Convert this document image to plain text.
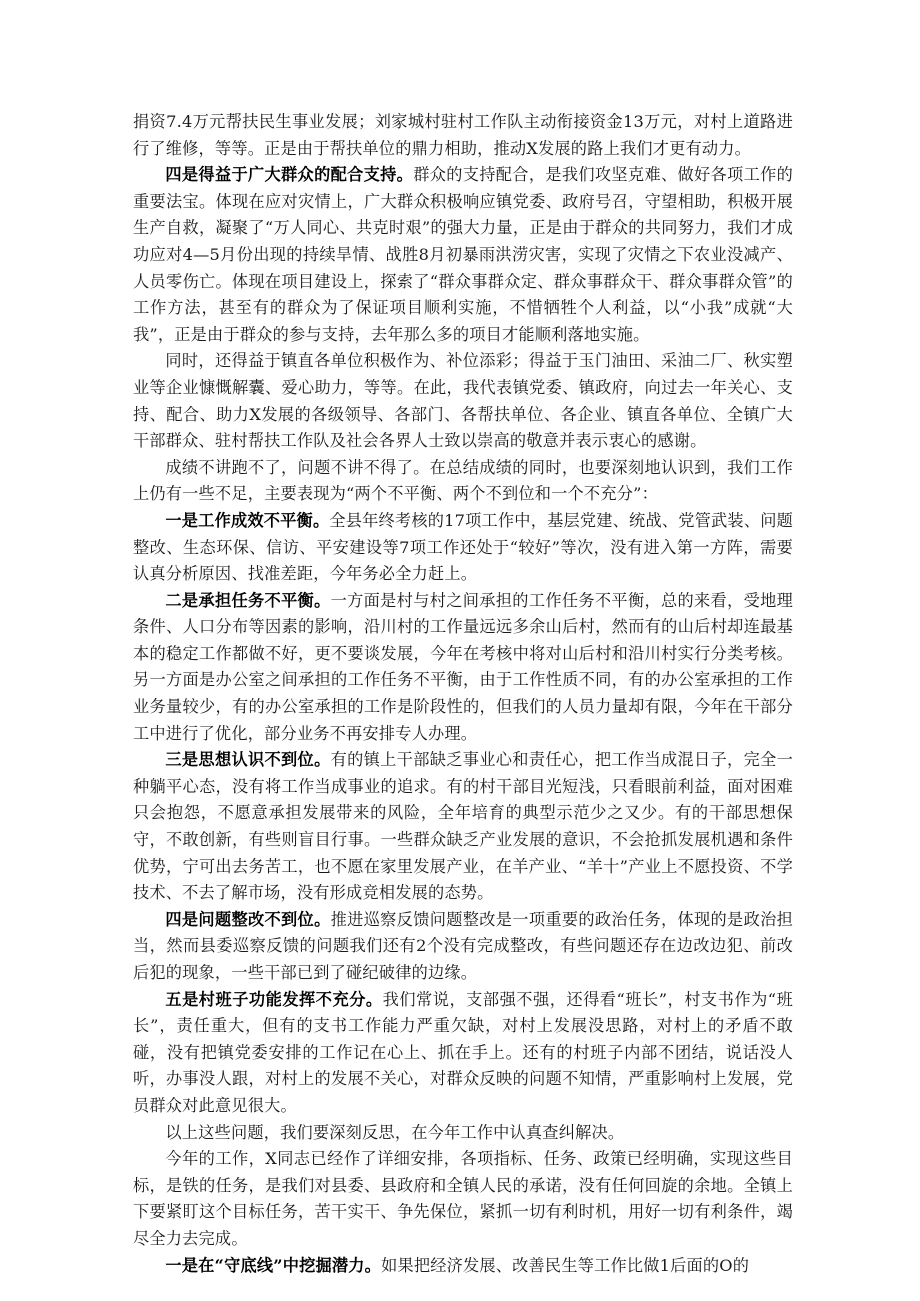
捐资7.4万元帮扶民生事业发展；刘家城村驻村工作队主动衔接资金13万元，对村上道路进行了维修，等等。正是由于帮扶单位的鼎力相助，推动X发展的路上我们才更有动力。

四是得益于广大群众的配合支持。群众的支持配合，是我们攻坚克难、做好各项工作的重要法宝。体现在应对灾情上，广大群众积极响应镇党委、政府号召，守望相助，积极开展生产自救，凝聚了“万人同心、共克时艰”的强大力量，正是由于群众的共同努力，我们才成功应对4—5月份出现的持续旱情、战胜8月初暴雨洪涝灾害，实现了灾情之下农业没减产、人员零伤亡。体现在项目建设上，探索了“群众事群众定、群众事群众干、群众事群众管”的工作方法，甚至有的群众为了保证项目顺利实施，不惜牺牲个人利益，以“小我”成就“大我”，正是由于群众的参与支持，去年那么多的项目才能顺利落地实施。

同时，还得益于镇直各单位积极作为、补位添彩；得益于玉门油田、采油二厂、秋实塑业等企业慷慨解囊、爱心助力，等等。在此，我代表镇党委、镇政府，向过去一年关心、支持、配合、助力X发展的各级领导、各部门、各帮扶单位、各企业、镇直各单位、全镇广大干部群众、驻村帮扶工作队及社会各界人士致以崇高的敬意并表示衷心的感谢。

成绩不讲跑不了，问题不讲不得了。在总结成绩的同时，也要深刻地认识到，我们工作上仍有一些不足，主要表现为“两个不平衡、两个不到位和一个不充分”：

一是工作成效不平衡。全县年终考核的17项工作中，基层党建、统战、党管武装、问题整改、生态环保、信访、平安建设等7项工作还处于“较好”等次，没有进入第一方阵，需要认真分析原因、找准差距，今年务必全力赶上。

二是承担任务不平衡。一方面是村与村之间承担的工作任务不平衡，总的来看，受地理条件、人口分布等因素的影响，沿川村的工作量远远多余山后村，然而有的山后村却连最基本的稳定工作都做不好，更不要谈发展，今年在考核中将对山后村和沿川村实行分类考核。另一方面是办公室之间承担的工作任务不平衡，由于工作性质不同，有的办公室承担的工作业务量较少，有的办公室承担的工作是阶段性的，但我们的人员力量却有限，今年在干部分工中进行了优化，部分业务不再安排专人办理。

三是思想认识不到位。有的镇上干部缺乏事业心和责任心，把工作当成混日子，完全一种躺平心态，没有将工作当成事业的追求。有的村干部目光短浅，只看眼前利益，面对困难只会抱怨，不愿意承担发展带来的风险，全年培育的典型示范少之又少。有的干部思想保守，不敢创新，有些则盲目行事。一些群众缺乏产业发展的意识，不会抢抓发展机遇和条件优势，宁可出去务苦工，也不愿在家里发展产业，在羊产业、“羊十”产业上不愿投资、不学技术、不去了解市场，没有形成竞相发展的态势。

四是问题整改不到位。推进巡察反馈问题整改是一项重要的政治任务，体现的是政治担当，然而县委巡察反馈的问题我们还有2个没有完成整改，有些问题还存在边改边犯、前改后犯的现象，一些干部已到了碰纪破律的边缘。

五是村班子功能发挥不充分。我们常说，支部强不强，还得看“班长”，村支书作为“班长”，责任重大，但有的支书工作能力严重欠缺，对村上发展没思路，对村上的矛盾不敢碰，没有把镇党委安排的工作记在心上、抓在手上。还有的村班子内部不团结，说话没人听，办事没人跟，对村上的发展不关心，对群众反映的问题不知情，严重影响村上发展，党员群众对此意见很大。

以上这些问题，我们要深刻反思，在今年工作中认真查纠解决。

今年的工作，X同志已经作了详细安排，各项指标、任务、政策已经明确，实现这些目标，是铁的任务，是我们对县委、县政府和全镇人民的承诺，没有任何回旋的余地。全镇上下要紧盯这个目标任务，苦干实干、争先保位，紧抓一切有利时机，用好一切有利条件，竭尽全力去完成。

一是在“守底线”中挖掘潜力。如果把经济发展、改善民生等工作比做1后面的O的
